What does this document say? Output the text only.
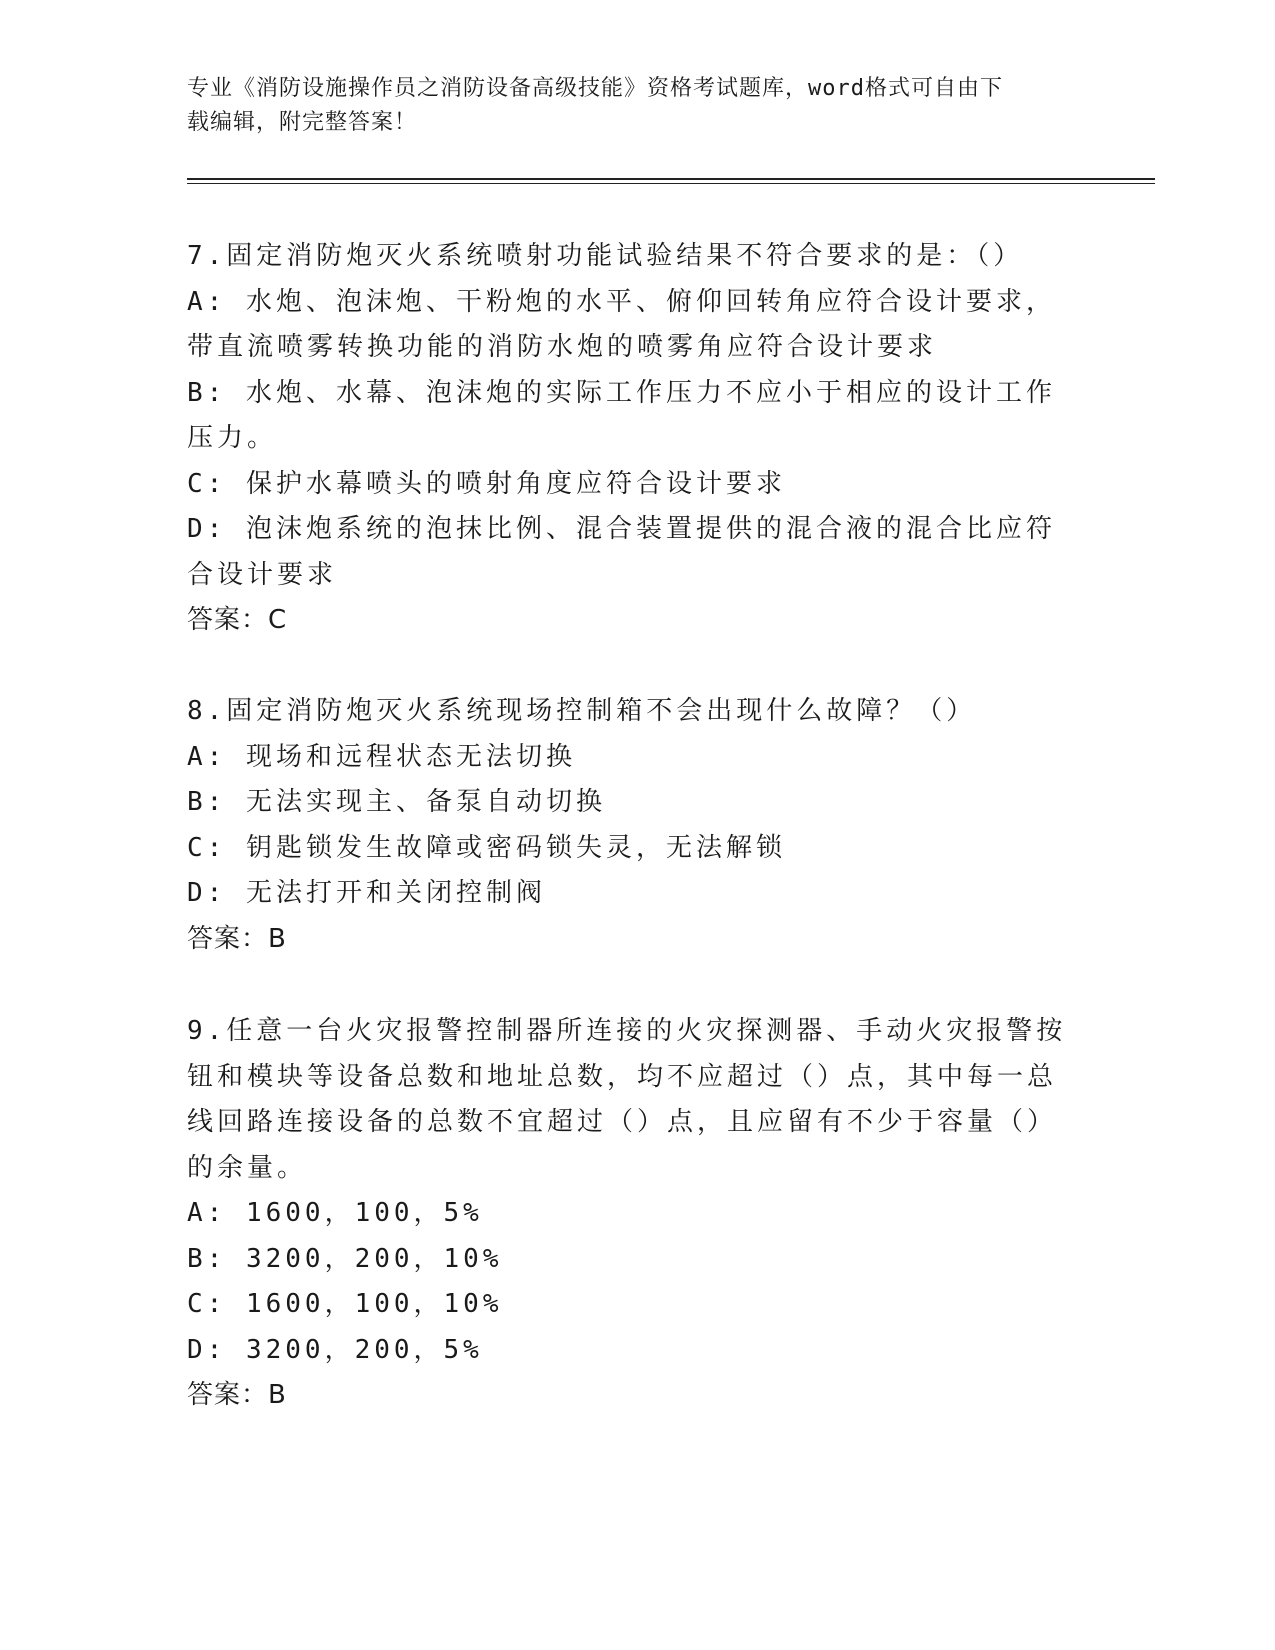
专业《消防设施操作员之消防设备高级技能》资格考试题库，word格式可自由下
载编辑，附完整答案！

7.固定消防炮灭火系统喷射功能试验结果不符合要求的是：（）

A: 水炮、泡沫炮、干粉炮的水平、俯仰回转角应符合设计要求，带直流喷雾转换功能的消防水炮的喷雾角应符合设计要求

B: 水炮、水幕、泡沫炮的实际工作压力不应小于相应的设计工作压力。

C: 保护水幕喷头的喷射角度应符合设计要求

D: 泡沫炮系统的泡抹比例、混合装置提供的混合液的混合比应符合设计要求

答案：C

8.固定消防炮灭火系统现场控制箱不会出现什么故障？（）

A: 现场和远程状态无法切换

B: 无法实现主、备泵自动切换

C: 钥匙锁发生故障或密码锁失灵，无法解锁

D: 无法打开和关闭控制阀

答案：B

9.任意一台火灾报警控制器所连接的火灾探测器、手动火灾报警按钮和模块等设备总数和地址总数，均不应超过（）点，其中每一总线回路连接设备的总数不宜超过（）点，且应留有不少于容量（）的余量。

A: 1600，100，5%

B: 3200，200，10%

C: 1600，100，10%

D: 3200，200，5%

答案：B
